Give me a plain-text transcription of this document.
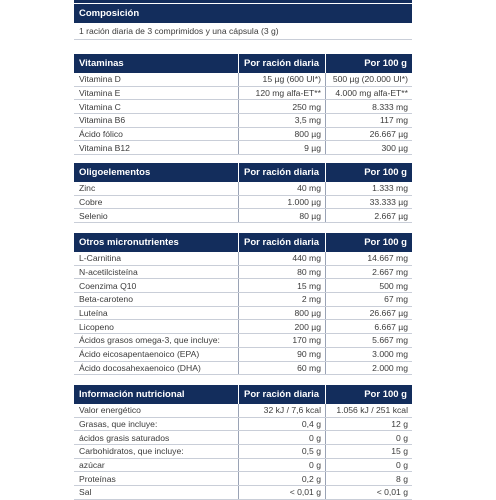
Composición
1 ración diaria de 3 comprimidos y una cápsula (3 g)
Vitaminas	Por ración diaria	Por 100 g
Vitamina D	15 µg (600 UI*)	500 µg (20.000 UI*)
Vitamina E	120 mg alfa-ET**	4.000 mg alfa-ET**
Vitamina C	250 mg	8.333 mg
Vitamina B6	3,5 mg	117 mg
Ácido fólico	800 µg	26.667 µg
Vitamina B12	9 µg	300 µg
Oligoelementos	Por ración diaria	Por 100 g
Zinc	40 mg	1.333 mg
Cobre	1.000 µg	33.333 µg
Selenio	80 µg	2.667 µg
Otros micronutrientes	Por ración diaria	Por 100 g
L-Carnitina	440 mg	14.667 mg
N-acetilcisteína	80 mg	2.667 mg
Coenzima Q10	15 mg	500 mg
Beta-caroteno	2 mg	67 mg
Luteína	800 µg	26.667 µg
Licopeno	200 µg	6.667 µg
Ácidos grasos omega-3, que incluye:	170 mg	5.667 mg
Ácido eicosapentaenoico (EPA)	90 mg	3.000 mg
Ácido docosahexaenoico (DHA)	60 mg	2.000 mg
Información nutricional	Por ración diaria	Por 100 g
Valor energético	32 kJ / 7,6 kcal	1.056 kJ / 251 kcal
Grasas, que incluye:	0,4 g	12 g
ácidos grasis saturados	0 g	0 g
Carbohidratos, que incluye:	0,5 g	15 g
azúcar	0 g	0 g
Proteínas	0,2 g	8 g
Sal	< 0,01 g	< 0,01 g
